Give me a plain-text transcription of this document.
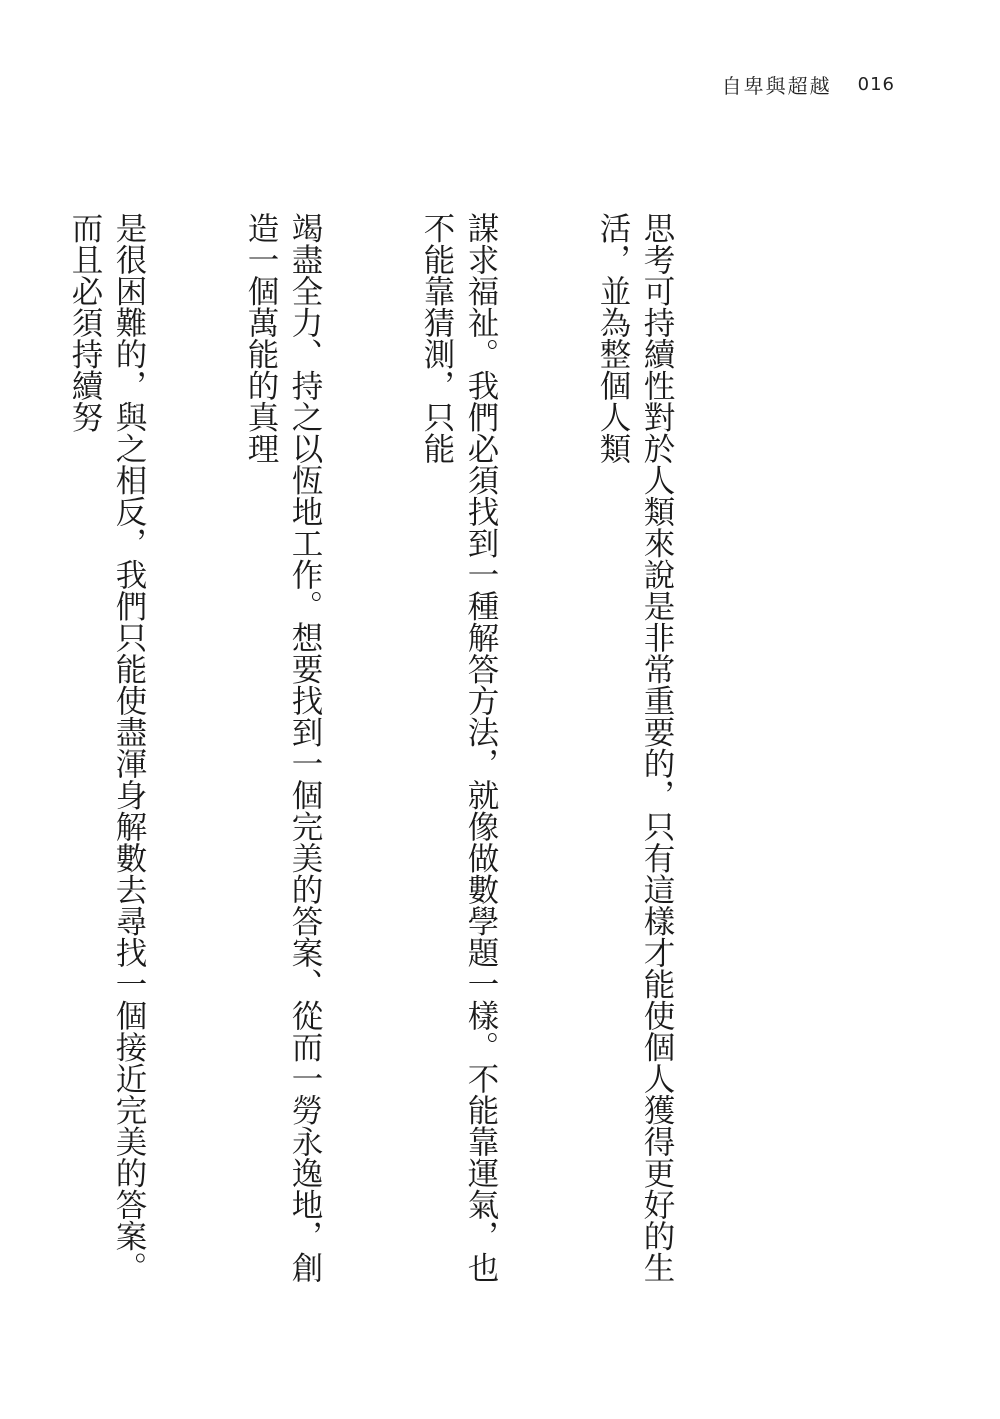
自卑與超越 016

思考可持續性對於人類來說是非常重要的，只有這樣才能使個人獲得更好的生活，並為整個人類

謀求福祉。我們必須找到一種解答方法，就像做數學題一樣。不能靠運氣，也不能靠猜測，只能

竭盡全力、持之以恆地工作。想要找到一個完美的答案、從而一勞永逸地，創造一個萬能的真理

是很困難的，與之相反，我們只能使盡渾身解數去尋找一個接近完美的答案。而且必須持續努
